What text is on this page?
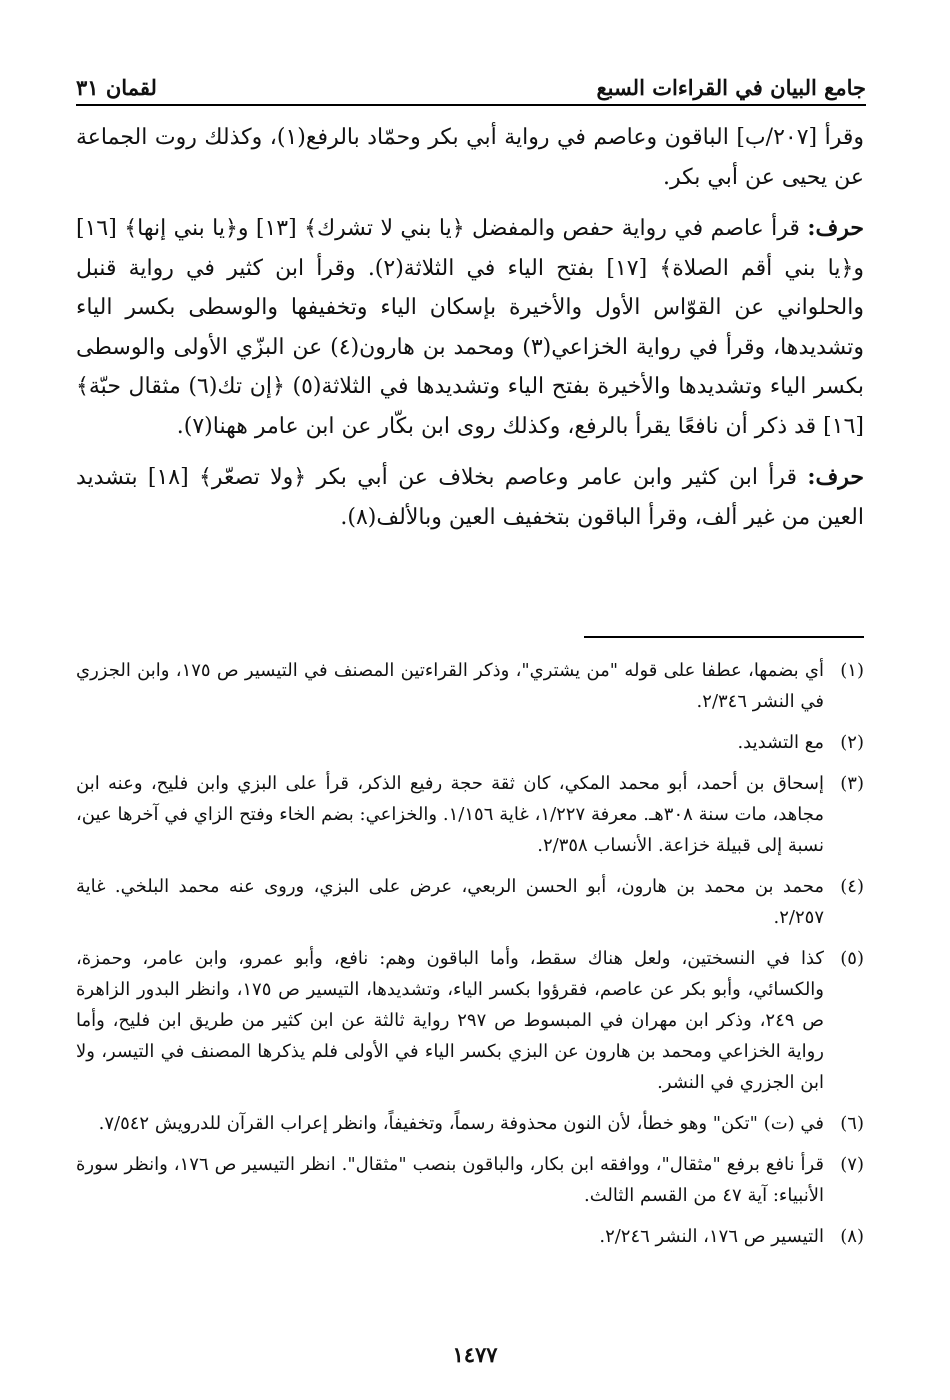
جامع البيان في القراءات السبع
لقمان ٣١

وقرأ [٢٠٧/ب] الباقون وعاصم في رواية أبي بكر وحمّاد بالرفع(١)، وكذلك روت الجماعة عن يحيى عن أبي بكر.

حرف: قرأ عاصم في رواية حفص والمفضل ﴿يا بني لا تشرك﴾ [١٣] و﴿يا بني إنها﴾ [١٦] و﴿يا بني أقم الصلاة﴾ [١٧] بفتح الياء في الثلاثة(٢). وقرأ ابن كثير في رواية قنبل والحلواني عن القوّاس الأول والأخيرة بإسكان الياء وتخفيفها والوسطى بكسر الياء وتشديدها، وقرأ في رواية الخزاعي(٣) ومحمد بن هارون(٤) عن البزّي الأولى والوسطى بكسر الياء وتشديدها والأخيرة بفتح الياء وتشديدها في الثلاثة(٥) ﴿إن تك(٦) مثقال حبّة﴾ [١٦] قد ذكر أن نافعًا يقرأ بالرفع، وكذلك روى ابن بكّار عن ابن عامر ههنا(٧).

حرف: قرأ ابن كثير وابن عامر وعاصم بخلاف عن أبي بكر ﴿ولا تصعّر﴾ [١٨] بتشديد العين من غير ألف، وقرأ الباقون بتخفيف العين وبالألف(٨).

(١)
أي بضمها، عطفا على قوله "من يشتري"، وذكر القراءتين المصنف في التيسير ص ١٧٥، وابن الجزري في النشر ٢/٣٤٦.
(٢)
مع التشديد.
(٣)
إسحاق بن أحمد، أبو محمد المكي، كان ثقة حجة رفيع الذكر، قرأ على البزي وابن فليح، وعنه ابن مجاهد، مات سنة ٣٠٨هـ. معرفة ١/٢٢٧، غاية ١/١٥٦. والخزاعي: بضم الخاء وفتح الزاي في آخرها عين، نسبة إلى قبيلة خزاعة. الأنساب ٢/٣٥٨.
(٤)
محمد بن محمد بن هارون، أبو الحسن الربعي، عرض على البزي، وروى عنه محمد البلخي. غاية ٢/٢٥٧.
(٥)
كذا في النسختين، ولعل هناك سقط، وأما الباقون وهم: نافع، وأبو عمرو، وابن عامر، وحمزة، والكسائي، وأبو بكر عن عاصم، فقرؤوا بكسر الياء، وتشديدها، التيسير ص ١٧٥، وانظر البدور الزاهرة ص ٢٤٩، وذكر ابن مهران في المبسوط ص ٢٩٧ رواية ثالثة عن ابن كثير من طريق ابن فليح، وأما رواية الخزاعي ومحمد بن هارون عن البزي بكسر الياء في الأولى فلم يذكرها المصنف في التيسر، ولا ابن الجزري في النشر.
(٦)
في (ت) "تكن" وهو خطأ، لأن النون محذوفة رسماً، وتخفيفاً، وانظر إعراب القرآن للدرويش ٧/٥٤٢.
(٧)
قرأ نافع برفع "مثقال"، ووافقه ابن بكار، والباقون بنصب "مثقال". انظر التيسير ص ١٧٦، وانظر سورة الأنبياء: آية ٤٧ من القسم الثالث.
(٨)
التيسير ص ١٧٦، النشر ٢/٢٤٦.
١٤٧٧
